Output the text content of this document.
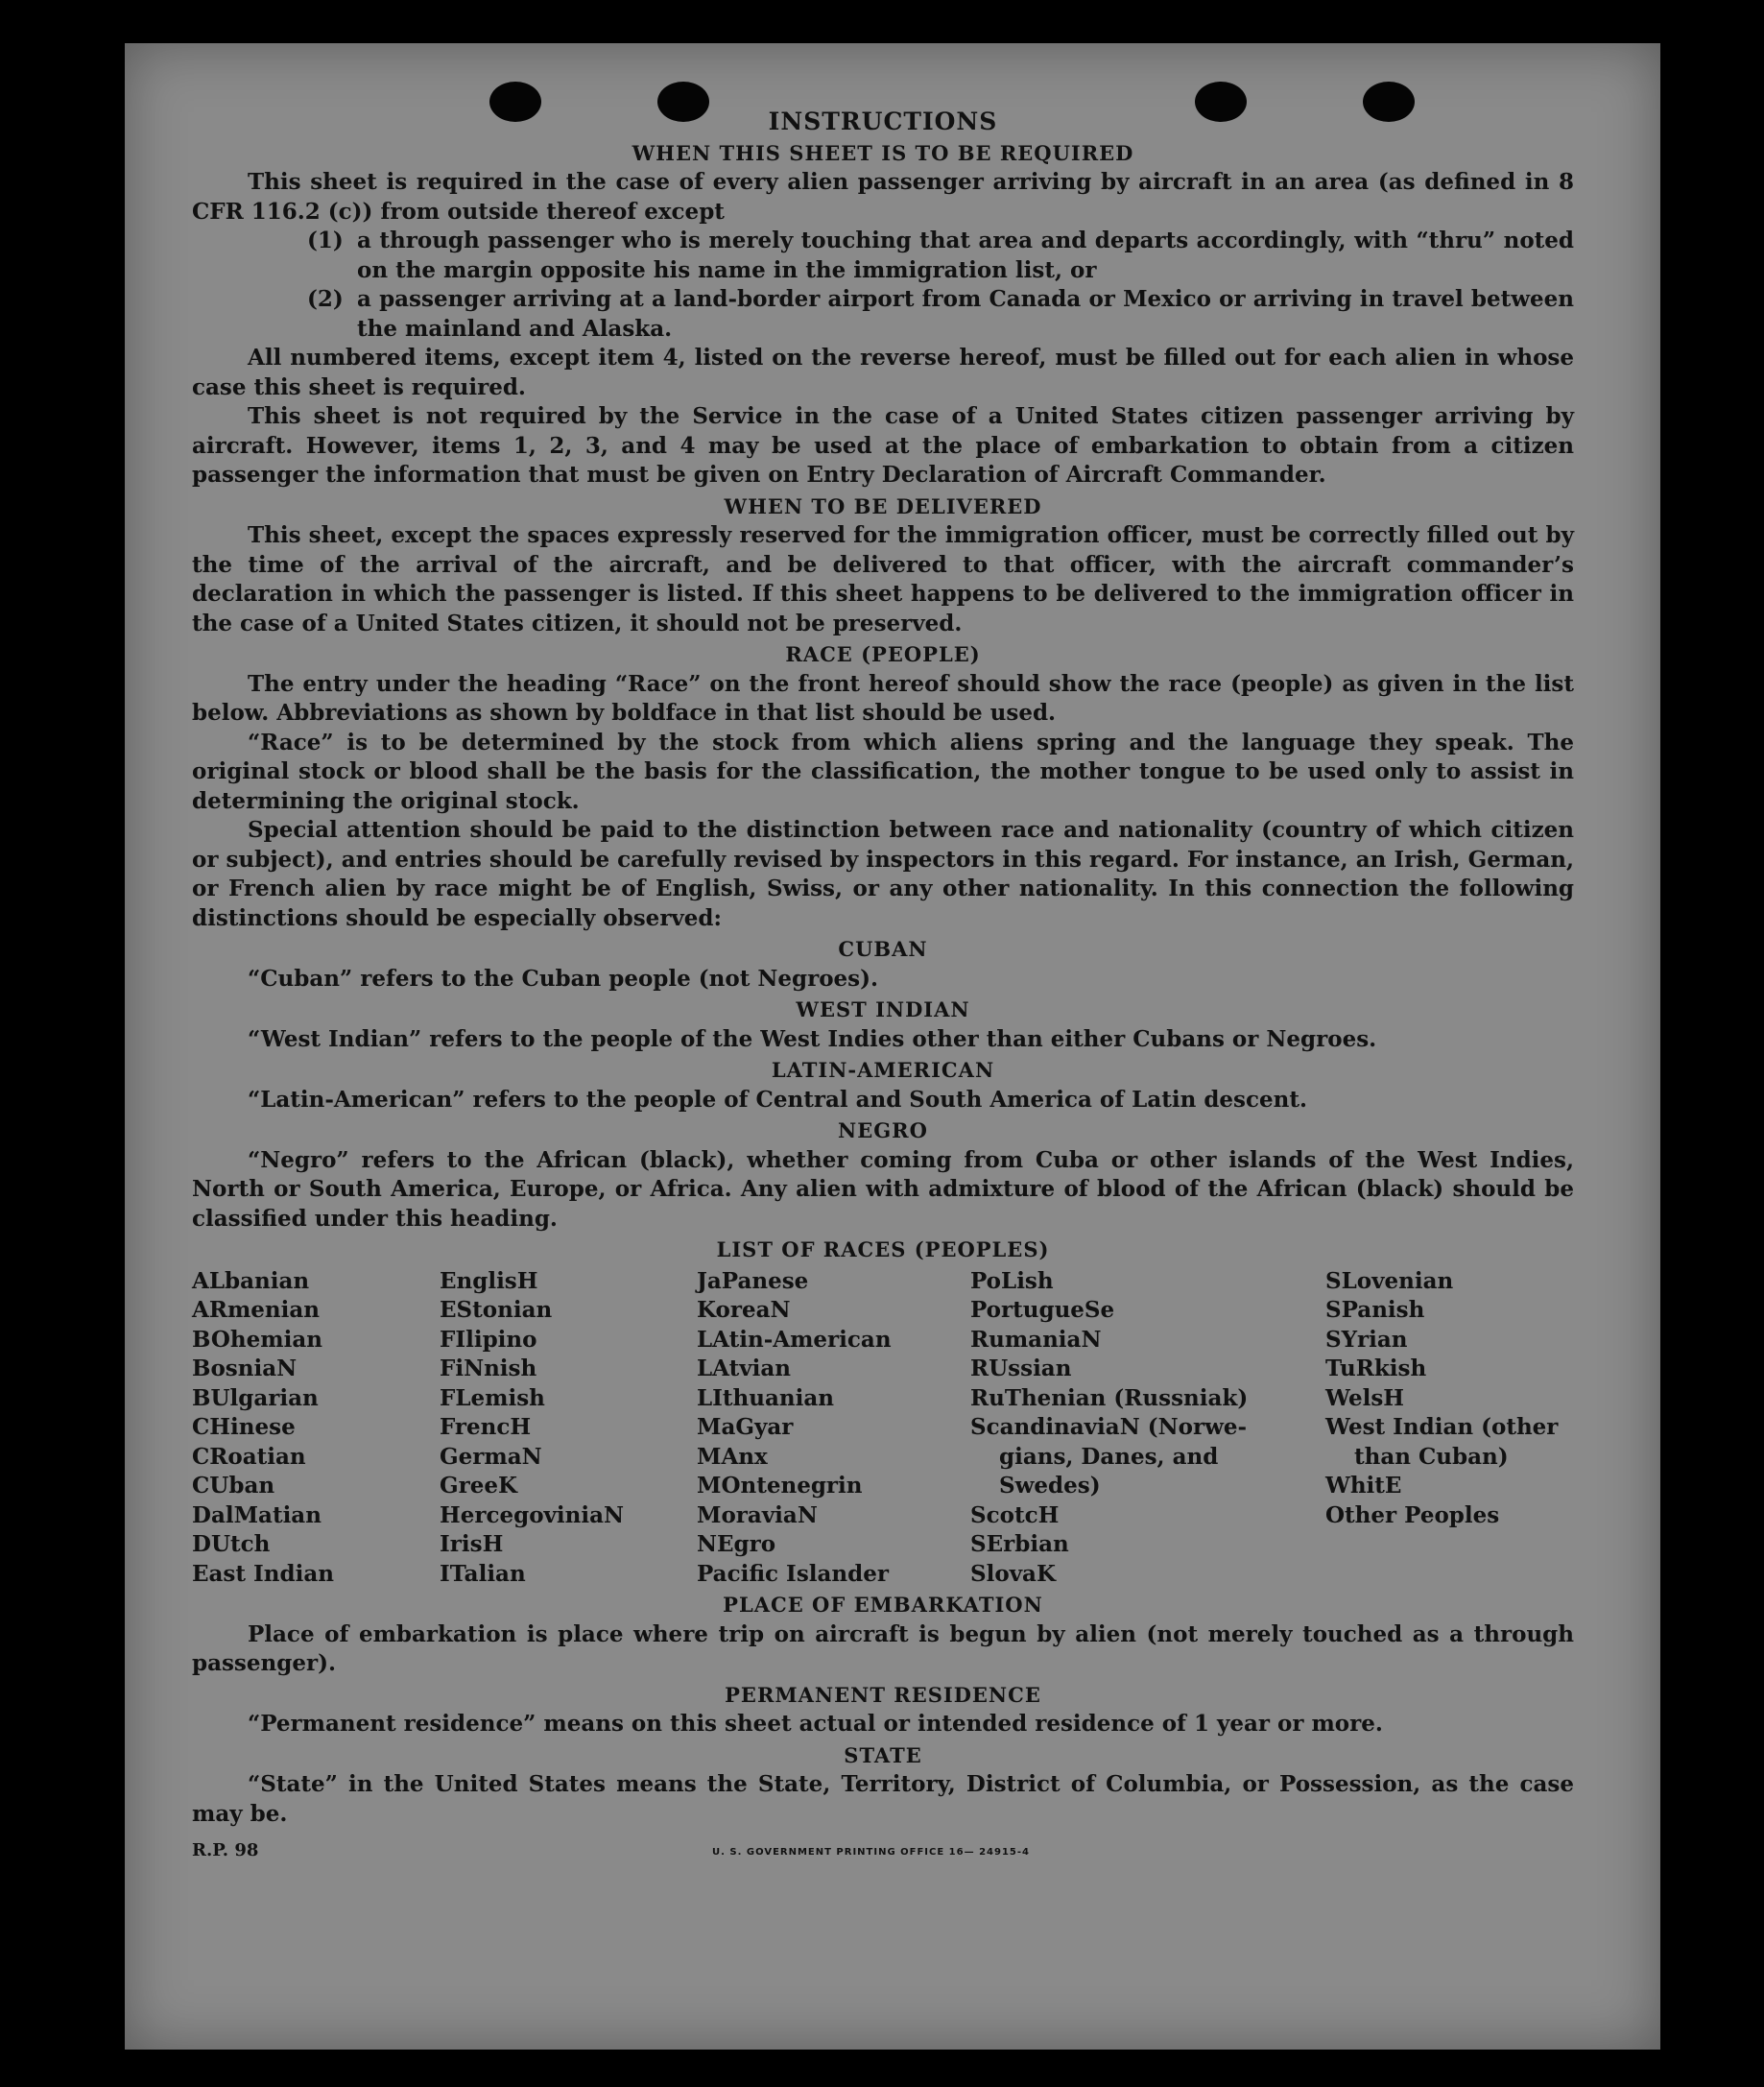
INSTRUCTIONS
WHEN THIS SHEET IS TO BE REQUIRED

This sheet is required in the case of every alien passenger arriving by aircraft in an area (as defined in 8 CFR 116.2 (c)) from outside thereof except

(1) a through passenger who is merely touching that area and departs accordingly, with “thru” noted on the margin opposite his name in the immigration list, or
(2) a passenger arriving at a land-border airport from Canada or Mexico or arriving in travel between the mainland and Alaska.

All numbered items, except item 4, listed on the reverse hereof, must be filled out for each alien in whose case this sheet is required.

This sheet is not required by the Service in the case of a United States citizen passenger arriving by aircraft. However, items 1, 2, 3, and 4 may be used at the place of embarkation to obtain from a citizen passenger the information that must be given on Entry Declaration of Aircraft Commander.

WHEN TO BE DELIVERED

This sheet, except the spaces expressly reserved for the immigration officer, must be correctly filled out by the time of the arrival of the aircraft, and be delivered to that officer, with the aircraft commander’s declaration in which the passenger is listed. If this sheet happens to be delivered to the immigration officer in the case of a United States citizen, it should not be preserved.

RACE (PEOPLE)

The entry under the heading “Race” on the front hereof should show the race (people) as given in the list below. Abbreviations as shown by boldface in that list should be used.

“Race” is to be determined by the stock from which aliens spring and the language they speak. The original stock or blood shall be the basis for the classification, the mother tongue to be used only to assist in determining the original stock.

Special attention should be paid to the distinction between race and nationality (country of which citizen or subject), and entries should be carefully revised by inspectors in this regard. For instance, an Irish, German, or French alien by race might be of English, Swiss, or any other nationality. In this connection the following distinctions should be especially observed:

CUBAN

“Cuban” refers to the Cuban people (not Negroes).

WEST INDIAN

“West Indian” refers to the people of the West Indies other than either Cubans or Negroes.

LATIN-AMERICAN

“Latin-American” refers to the people of Central and South America of Latin descent.

NEGRO

“Negro” refers to the African (black), whether coming from Cuba or other islands of the West Indies, North or South America, Europe, or Africa. Any alien with admixture of blood of the African (black) should be classified under this heading.

LIST OF RACES (PEOPLES)
ALbanian
ARmenian
BOhemian
BosniaN
BUlgarian
CHinese
CRoatian
CUban
DalMatian
DUtch
East Indian
EnglisH
EStonian
FIlipino
FiNnish
FLemish
FrencH
GermaN
GreeK
HercegoviniaN
IrisH
ITalian
JaPanese
KoreaN
LAtin-American
LAtvian
LIthuanian
MaGyar
MAnx
MOntenegrin
MoraviaN
NEgro
Pacific Islander
PoLish
PortugueSe
RumaniaN
RUssian
RuThenian (Russniak)
ScandinaviaN (Norwe-
gians, Danes, and
Swedes)
ScotcH
SErbian
SlovaK
SLovenian
SPanish
SYrian
TuRkish
WelsH
West Indian (other
than Cuban)
WhitE
Other Peoples
PLACE OF EMBARKATION

Place of embarkation is place where trip on aircraft is begun by alien (not merely touched as a through passenger).

PERMANENT RESIDENCE

“Permanent residence” means on this sheet actual or intended residence of 1 year or more.

STATE

“State” in the United States means the State, Territory, District of Columbia, or Possession, as the case may be.

R.P. 98	U. S. GOVERNMENT PRINTING OFFICE 16— 24915-4
